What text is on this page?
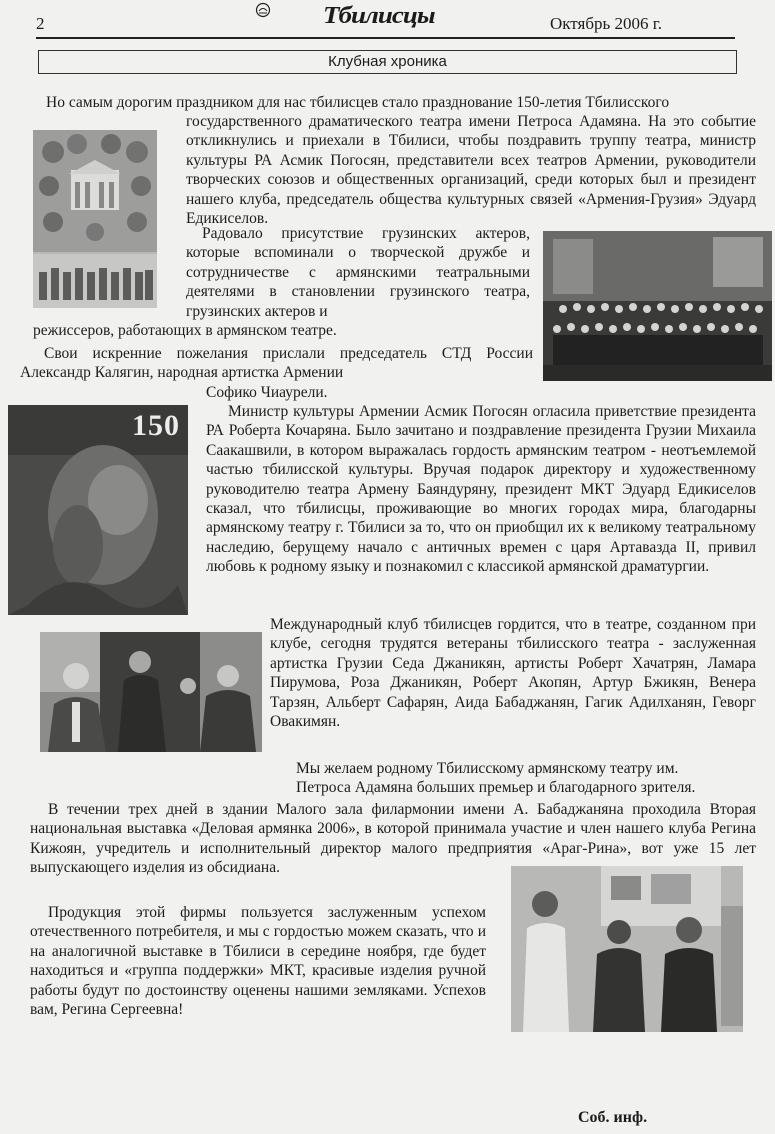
2	Тбилисцы	Октябрь 2006 г.
Клубная хроника

Но самым дорогим праздником для нас тбилисцев стало празднование 150-летия Тбилисского

государственного драматического театра имени Петроса Адамяна. На это событие откликнулись и приехали в Тбилиси, чтобы поздравить труппу театра, министр культуры РА Асмик Погосян, представители всех театров Армении, руководители творческих союзов и общественных организаций, среди которых был и президент нашего клуба, председатель общества культурных связей «Армения-Грузия» Эдуард Едикиселов.

Радовало присутствие грузинских актеров, которые вспоминали о творческой дружбе и сотрудничестве с армянскими театральными деятелями в становлении грузинского театра, грузинских актеров и

режиссеров, работающих в армянском театре.

Свои искренние пожелания прислали председатель СТД России Александр Калягин, народная артистка Армении

Софико Чиаурели.

150	Министр культуры Армении Асмик Погосян огласила приветствие президента РА Роберта Кочаряна. Было зачитано и поздравление президента Грузии Михаила Саакашвили, в котором выражалась гордость армянским театром - неотъемлемой частью тбилисской культуры. Вручая подарок директору и художественному руководителю театра Армену Баяндуряну, президент МКТ Эдуард Едикиселов сказал, что тбилисцы, проживающие во многих городах мира, благодарны армянскому театру г. Тбилиси за то, что он приобщил их к великому театральному наследию, берущему начало с античных времен с царя Артавазда II, привил любовь к родному языку и познакомил с классикой армянской драматургии.

Международный клуб тбилисцев гордится, что в театре, созданном при клубе, сегодня трудятся ветераны тбилисского театра - заслуженная артистка Грузии Седа Джаникян, артисты Роберт Хачатрян, Ламара Пирумова, Роза Джаникян, Роберт Акопян, Артур Бжикян, Венера Тарзян, Альберт Сафарян, Аида Бабаджанян, Гагик Адилханян, Геворг Овакимян.

Мы желаем родному Тбилисскому армянскому театру им.

Петроса Адамяна больших премьер и благодарного зрителя.

В течении трех дней в здании Малого зала филармонии имени А. Бабаджаняна проходила Вторая национальная выставка «Деловая армянка 2006», в которой принимала участие и член нашего клуба Регина Кижоян, учредитель и исполнительный директор малого предприятия «Араг-Рина», вот уже 15 лет выпускающего изделия из обсидиана.

Продукция этой фирмы пользуется заслуженным успехом отечественного потребителя, и мы с гордостью можем сказать, что и на аналогичной выставке в Тбилиси в середине ноября, где будет находиться и «группа поддержки» МКТ, красивые изделия ручной работы будут по достоинству оценены нашими земляками. Успехов вам, Регина Сергеевна!

Соб. инф.
